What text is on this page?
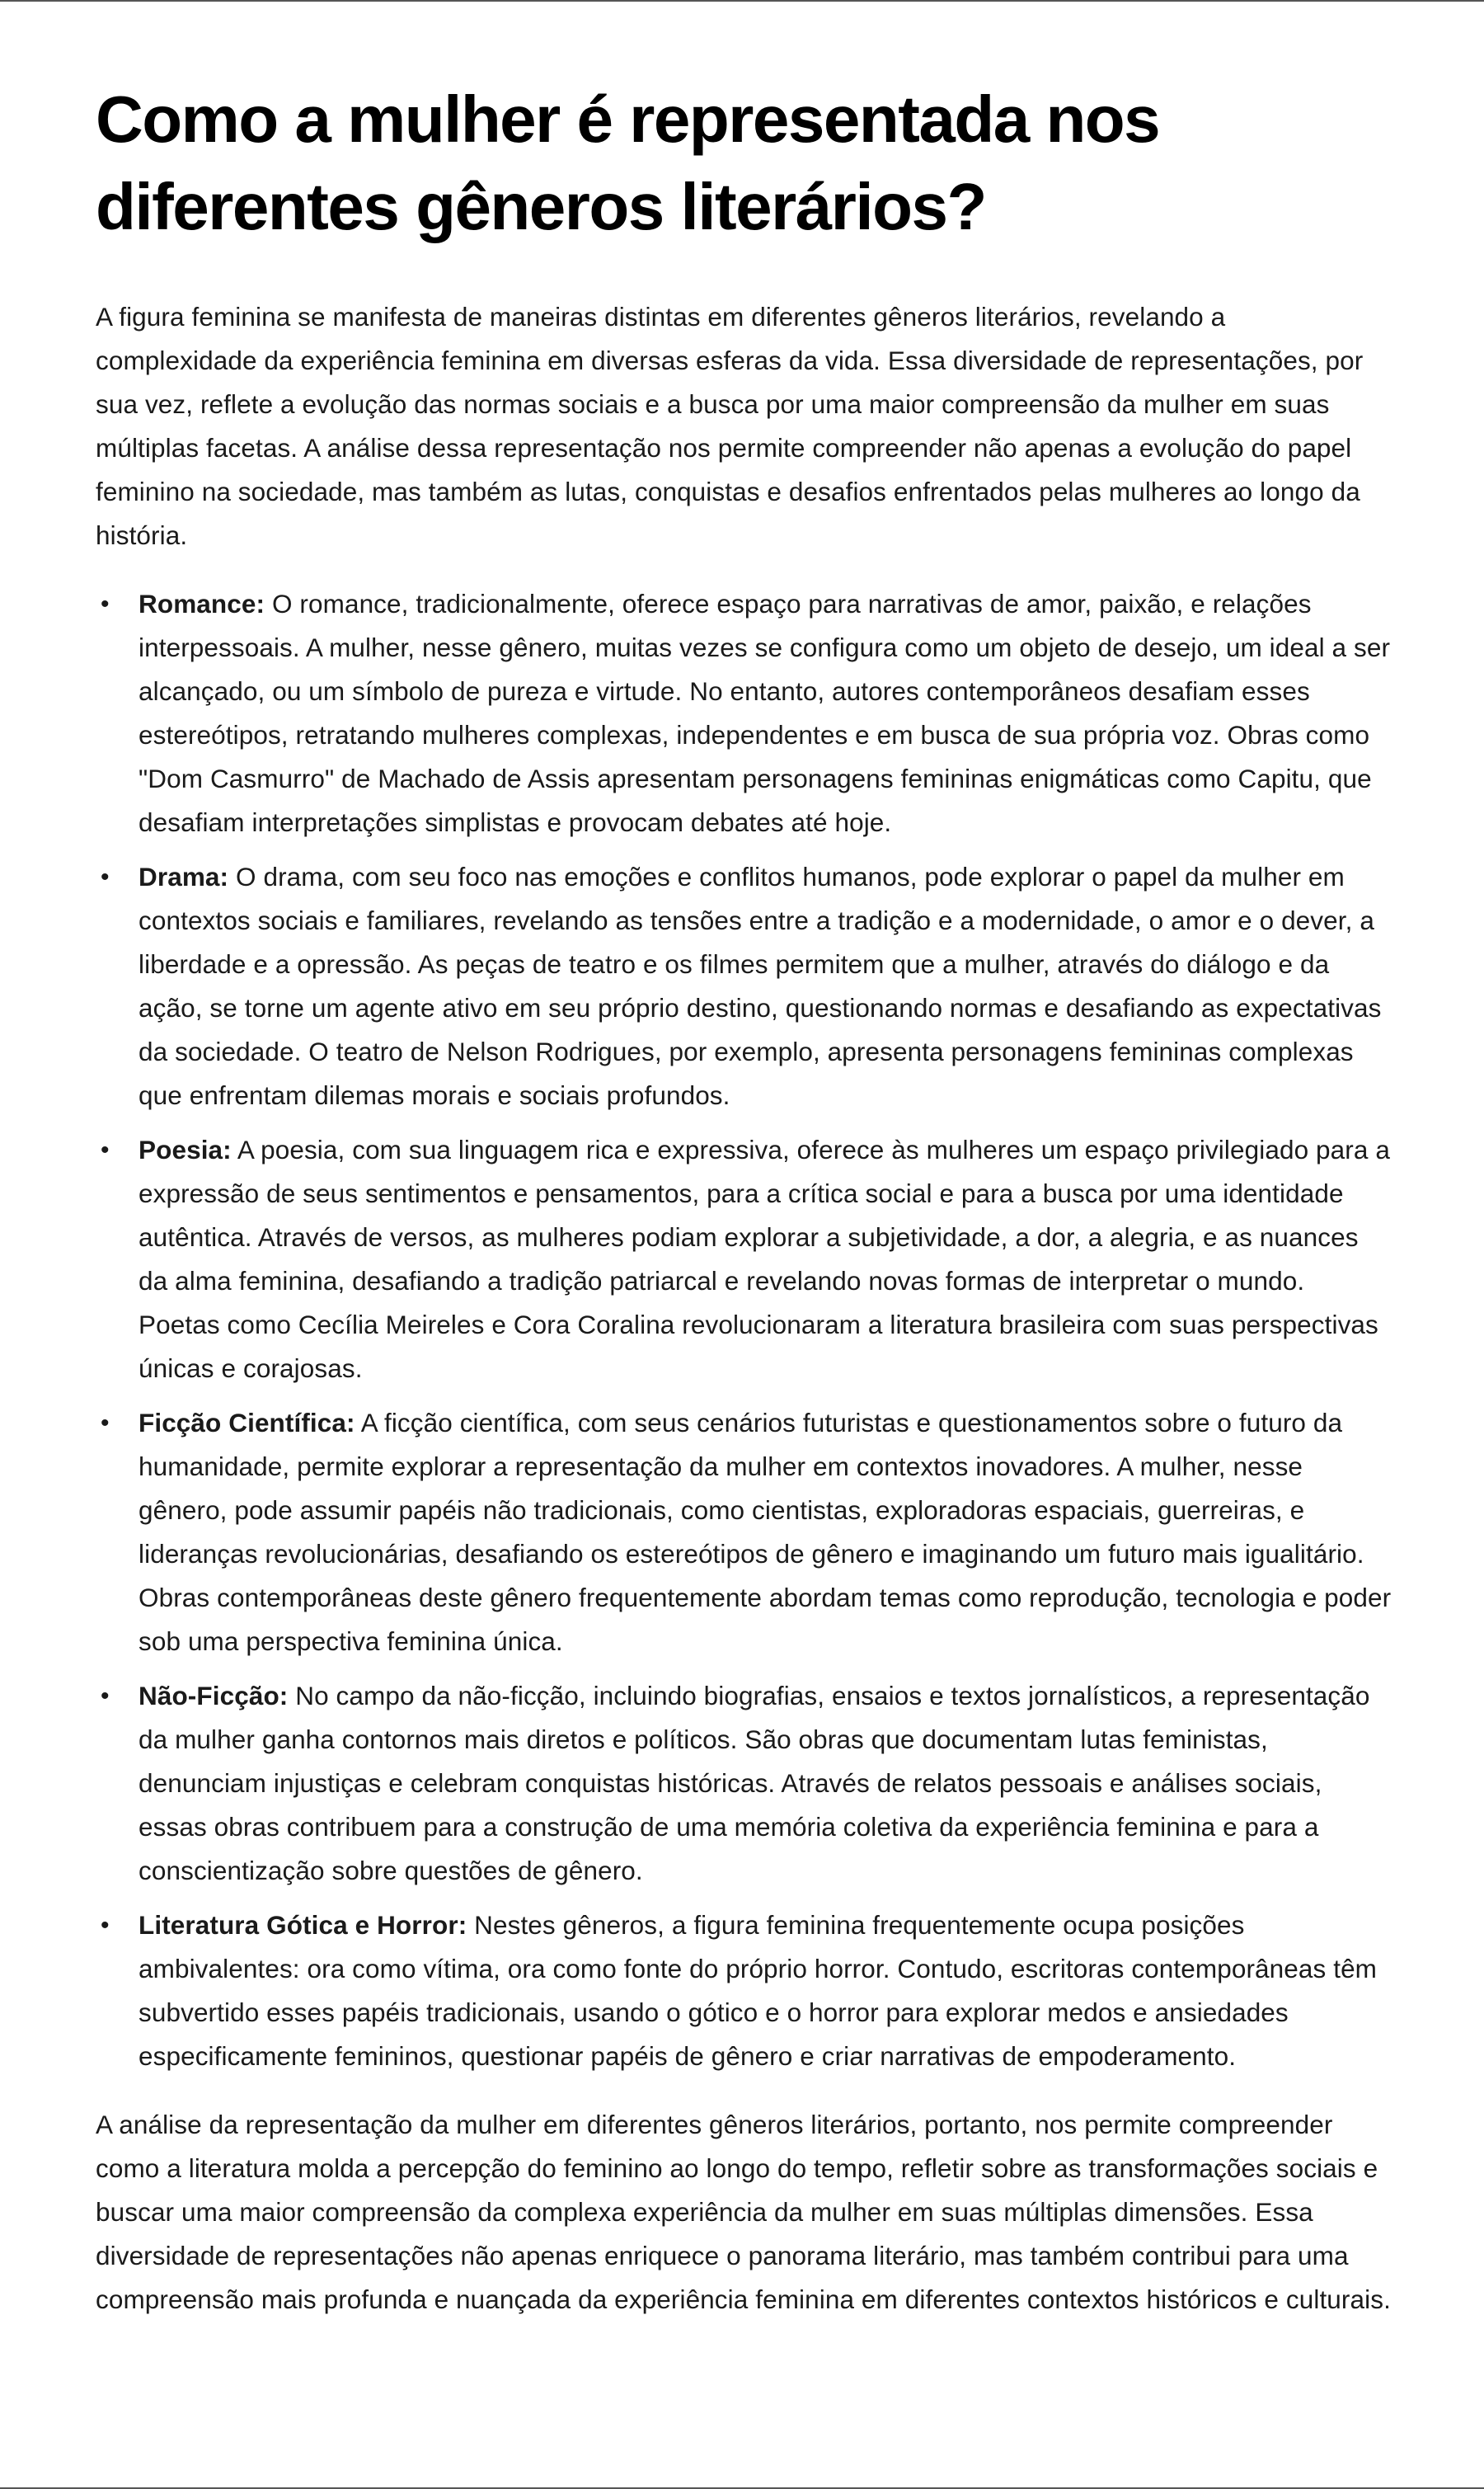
Como a mulher é representada nos diferentes gêneros literários?

A figura feminina se manifesta de maneiras distintas em diferentes gêneros literários, revelando a complexidade da experiência feminina em diversas esferas da vida. Essa diversidade de representações, por sua vez, reflete a evolução das normas sociais e a busca por uma maior compreensão da mulher em suas múltiplas facetas. A análise dessa representação nos permite compreender não apenas a evolução do papel feminino na sociedade, mas também as lutas, conquistas e desafios enfrentados pelas mulheres ao longo da história.

• Romance: O romance, tradicionalmente, oferece espaço para narrativas de amor, paixão, e relações interpessoais. A mulher, nesse gênero, muitas vezes se configura como um objeto de desejo, um ideal a ser alcançado, ou um símbolo de pureza e virtude. No entanto, autores contemporâneos desafiam esses estereótipos, retratando mulheres complexas, independentes e em busca de sua própria voz. Obras como "Dom Casmurro" de Machado de Assis apresentam personagens femininas enigmáticas como Capitu, que desafiam interpretações simplistas e provocam debates até hoje.
• Drama: O drama, com seu foco nas emoções e conflitos humanos, pode explorar o papel da mulher em contextos sociais e familiares, revelando as tensões entre a tradição e a modernidade, o amor e o dever, a liberdade e a opressão. As peças de teatro e os filmes permitem que a mulher, através do diálogo e da ação, se torne um agente ativo em seu próprio destino, questionando normas e desafiando as expectativas da sociedade. O teatro de Nelson Rodrigues, por exemplo, apresenta personagens femininas complexas que enfrentam dilemas morais e sociais profundos.
• Poesia: A poesia, com sua linguagem rica e expressiva, oferece às mulheres um espaço privilegiado para a expressão de seus sentimentos e pensamentos, para a crítica social e para a busca por uma identidade autêntica. Através de versos, as mulheres podiam explorar a subjetividade, a dor, a alegria, e as nuances da alma feminina, desafiando a tradição patriarcal e revelando novas formas de interpretar o mundo. Poetas como Cecília Meireles e Cora Coralina revolucionaram a literatura brasileira com suas perspectivas únicas e corajosas.
• Ficção Científica: A ficção científica, com seus cenários futuristas e questionamentos sobre o futuro da humanidade, permite explorar a representação da mulher em contextos inovadores. A mulher, nesse gênero, pode assumir papéis não tradicionais, como cientistas, exploradoras espaciais, guerreiras, e lideranças revolucionárias, desafiando os estereótipos de gênero e imaginando um futuro mais igualitário. Obras contemporâneas deste gênero frequentemente abordam temas como reprodução, tecnologia e poder sob uma perspectiva feminina única.
• Não-Ficção: No campo da não-ficção, incluindo biografias, ensaios e textos jornalísticos, a representação da mulher ganha contornos mais diretos e políticos. São obras que documentam lutas feministas, denunciam injustiças e celebram conquistas históricas. Através de relatos pessoais e análises sociais, essas obras contribuem para a construção de uma memória coletiva da experiência feminina e para a conscientização sobre questões de gênero.
• Literatura Gótica e Horror: Nestes gêneros, a figura feminina frequentemente ocupa posições ambivalentes: ora como vítima, ora como fonte do próprio horror. Contudo, escritoras contemporâneas têm subvertido esses papéis tradicionais, usando o gótico e o horror para explorar medos e ansiedades especificamente femininos, questionar papéis de gênero e criar narrativas de empoderamento.

A análise da representação da mulher em diferentes gêneros literários, portanto, nos permite compreender como a literatura molda a percepção do feminino ao longo do tempo, refletir sobre as transformações sociais e buscar uma maior compreensão da complexa experiência da mulher em suas múltiplas dimensões. Essa diversidade de representações não apenas enriquece o panorama literário, mas também contribui para uma compreensão mais profunda e nuançada da experiência feminina em diferentes contextos históricos e culturais.
